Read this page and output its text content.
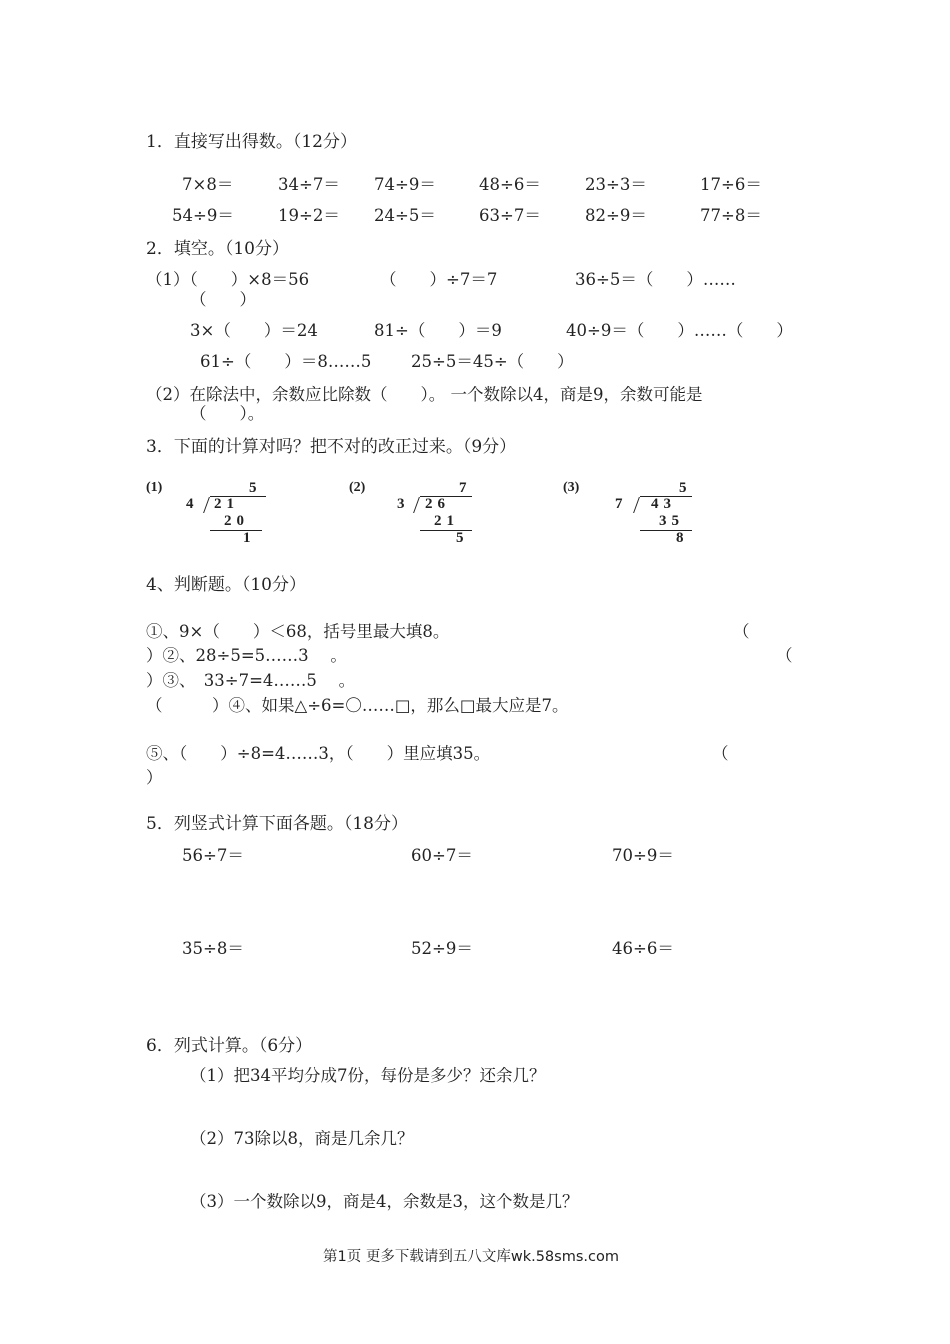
1．直接写出得数。（12分）
7×8＝	34÷7＝ 74÷9＝	48÷6＝	23÷3＝	17÷6＝
54÷9＝	19÷2＝ 24÷5＝	63÷7＝	82÷9＝	77÷8＝
2．填空。（10分）
（1）（　　）×8＝56	（　　）÷7＝7	36÷5＝（　　）……
（　　）
3×（　　）＝24	81÷（　　）＝9	40÷9＝（　　）……（　　）
61÷（　　）＝8……5 25÷5＝45÷（　　）
（2）在除法中，余数应比除数（　　）。 一个数除以4，商是9，余数可能是
（　　）。
3．下面的计算对吗？把不对的改正过来。（9分）
(1)	5
4 21
20
1
(2)	7
3 26
21
5
(3)	5
7 43
35
8
4、判断题。（10分）
①、9×（　　）＜68，括号里最大填8。	（
）②、28÷5=5……3　 。	（
）③、　33÷7=4……5　 。
（　　　）④、如果△÷6=〇……□，那么□最大应是7。
⑤、（　　）÷8=4……3，（　　）里应填35。	（
）
5．列竖式计算下面各题。（18分）
56÷7＝	60÷7＝	70÷9＝
35÷8＝	52÷9＝	46÷6＝
6．列式计算。（6分）
（1）把34平均分成7份，每份是多少？还余几？
（2）73除以8，商是几余几？
（3）一个数除以9，商是4，余数是3，这个数是几？
第1页 更多下载请到五八文库wk.58sms.com
